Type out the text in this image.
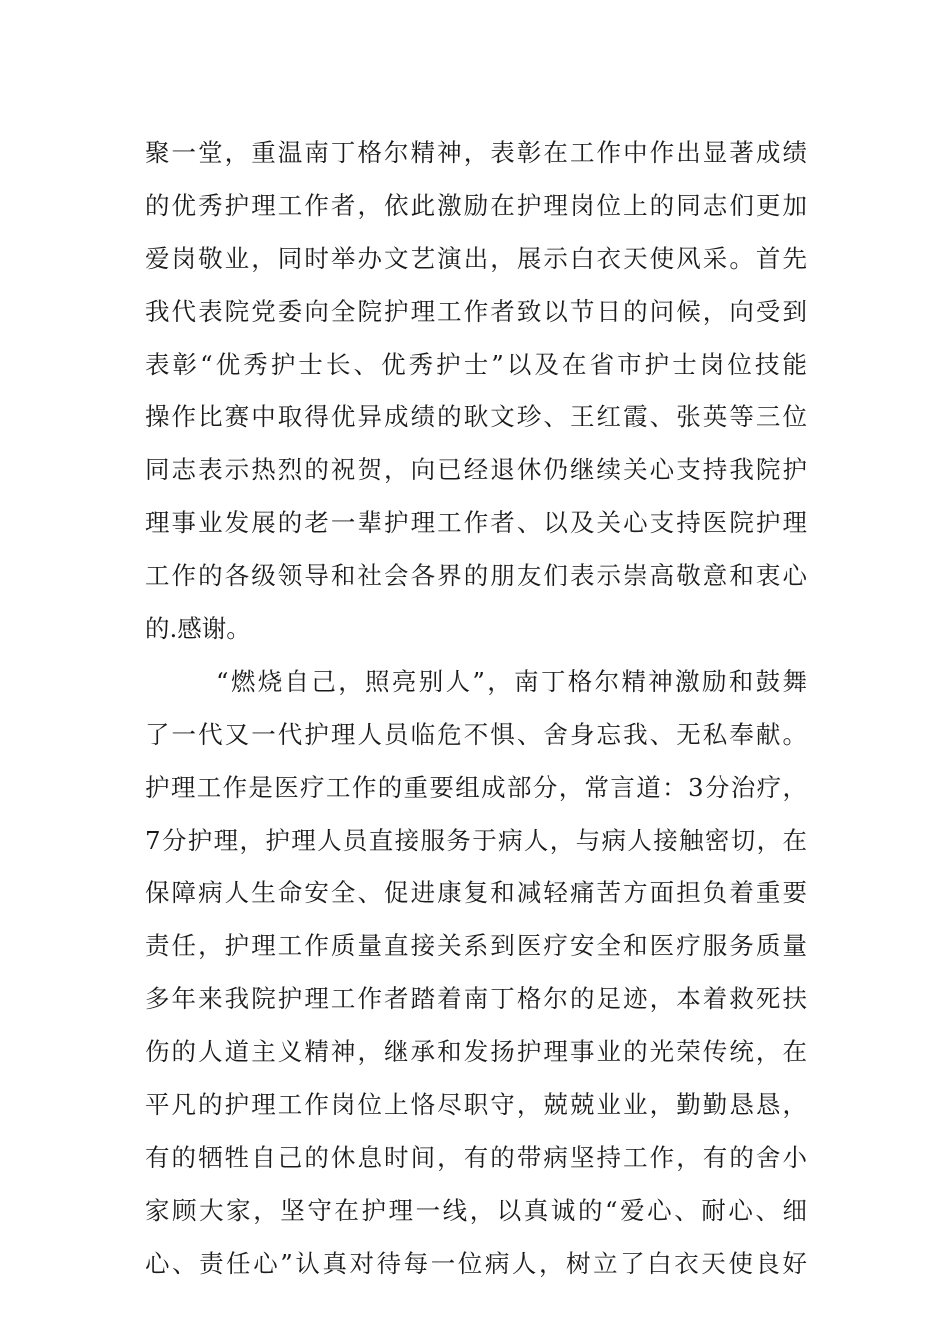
聚一堂，重温南丁格尔精神，表彰在工作中作出显著成绩
的优秀护理工作者，依此激励在护理岗位上的同志们更加
爱岗敬业，同时举办文艺演出，展示白衣天使风采。首先
我代表院党委向全院护理工作者致以节日的问候，向受到
表彰“优秀护士长、优秀护士”以及在省市护士岗位技能
操作比赛中取得优异成绩的耿文珍、王红霞、张英等三位
同志表示热烈的祝贺，向已经退休仍继续关心支持我院护
理事业发展的老一辈护理工作者、以及关心支持医院护理
工作的各级领导和社会各界的朋友们表示崇高敬意和衷心
的.感谢。
“燃烧自己，照亮别人”，南丁格尔精神激励和鼓舞
了一代又一代护理人员临危不惧、舍身忘我、无私奉献。
护理工作是医疗工作的重要组成部分，常言道：3分治疗，
7分护理，护理人员直接服务于病人，与病人接触密切，在
保障病人生命安全、促进康复和减轻痛苦方面担负着重要
责任，护理工作质量直接关系到医疗安全和医疗服务质量
多年来我院护理工作者踏着南丁格尔的足迹，本着救死扶
伤的人道主义精神，继承和发扬护理事业的光荣传统，在
平凡的护理工作岗位上恪尽职守，兢兢业业，勤勤恳恳，
有的牺牲自己的休息时间，有的带病坚持工作，有的舍小
家顾大家，坚守在护理一线，以真诚的“爱心、耐心、细
心、责任心”认真对待每一位病人，树立了白衣天使良好
